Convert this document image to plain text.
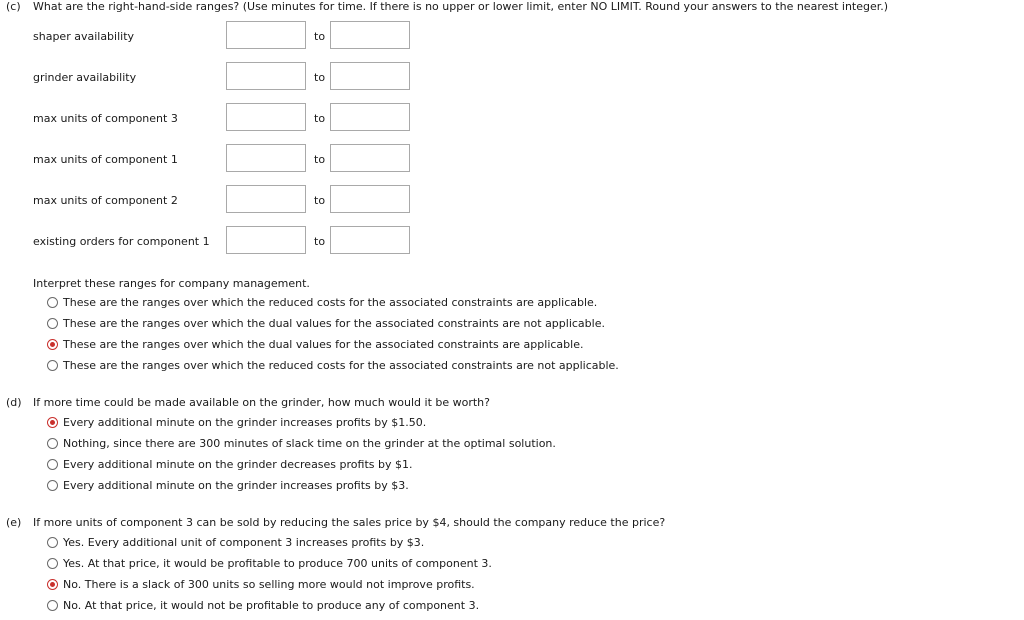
(c) What are the right-hand-side ranges? (Use minutes for time. If there is no upper or lower limit, enter NO LIMIT. Round your answers to the nearest integer.)
shaper availability	to
grinder availability	to
max units of component 3	to
max units of component 1	to
max units of component 2	to
existing orders for component 1	to
Interpret these ranges for company management.
These are the ranges over which the reduced costs for the associated constraints are applicable.
These are the ranges over which the dual values for the associated constraints are not applicable.
These are the ranges over which the dual values for the associated constraints are applicable.
These are the ranges over which the reduced costs for the associated constraints are not applicable.
(d) If more time could be made available on the grinder, how much would it be worth?
Every additional minute on the grinder increases profits by $1.50.
Nothing, since there are 300 minutes of slack time on the grinder at the optimal solution.
Every additional minute on the grinder decreases profits by $1.
Every additional minute on the grinder increases profits by $3.
(e) If more units of component 3 can be sold by reducing the sales price by $4, should the company reduce the price?
Yes. Every additional unit of component 3 increases profits by $3.
Yes. At that price, it would be profitable to produce 700 units of component 3.
No. There is a slack of 300 units so selling more would not improve profits.
No. At that price, it would not be profitable to produce any of component 3.
